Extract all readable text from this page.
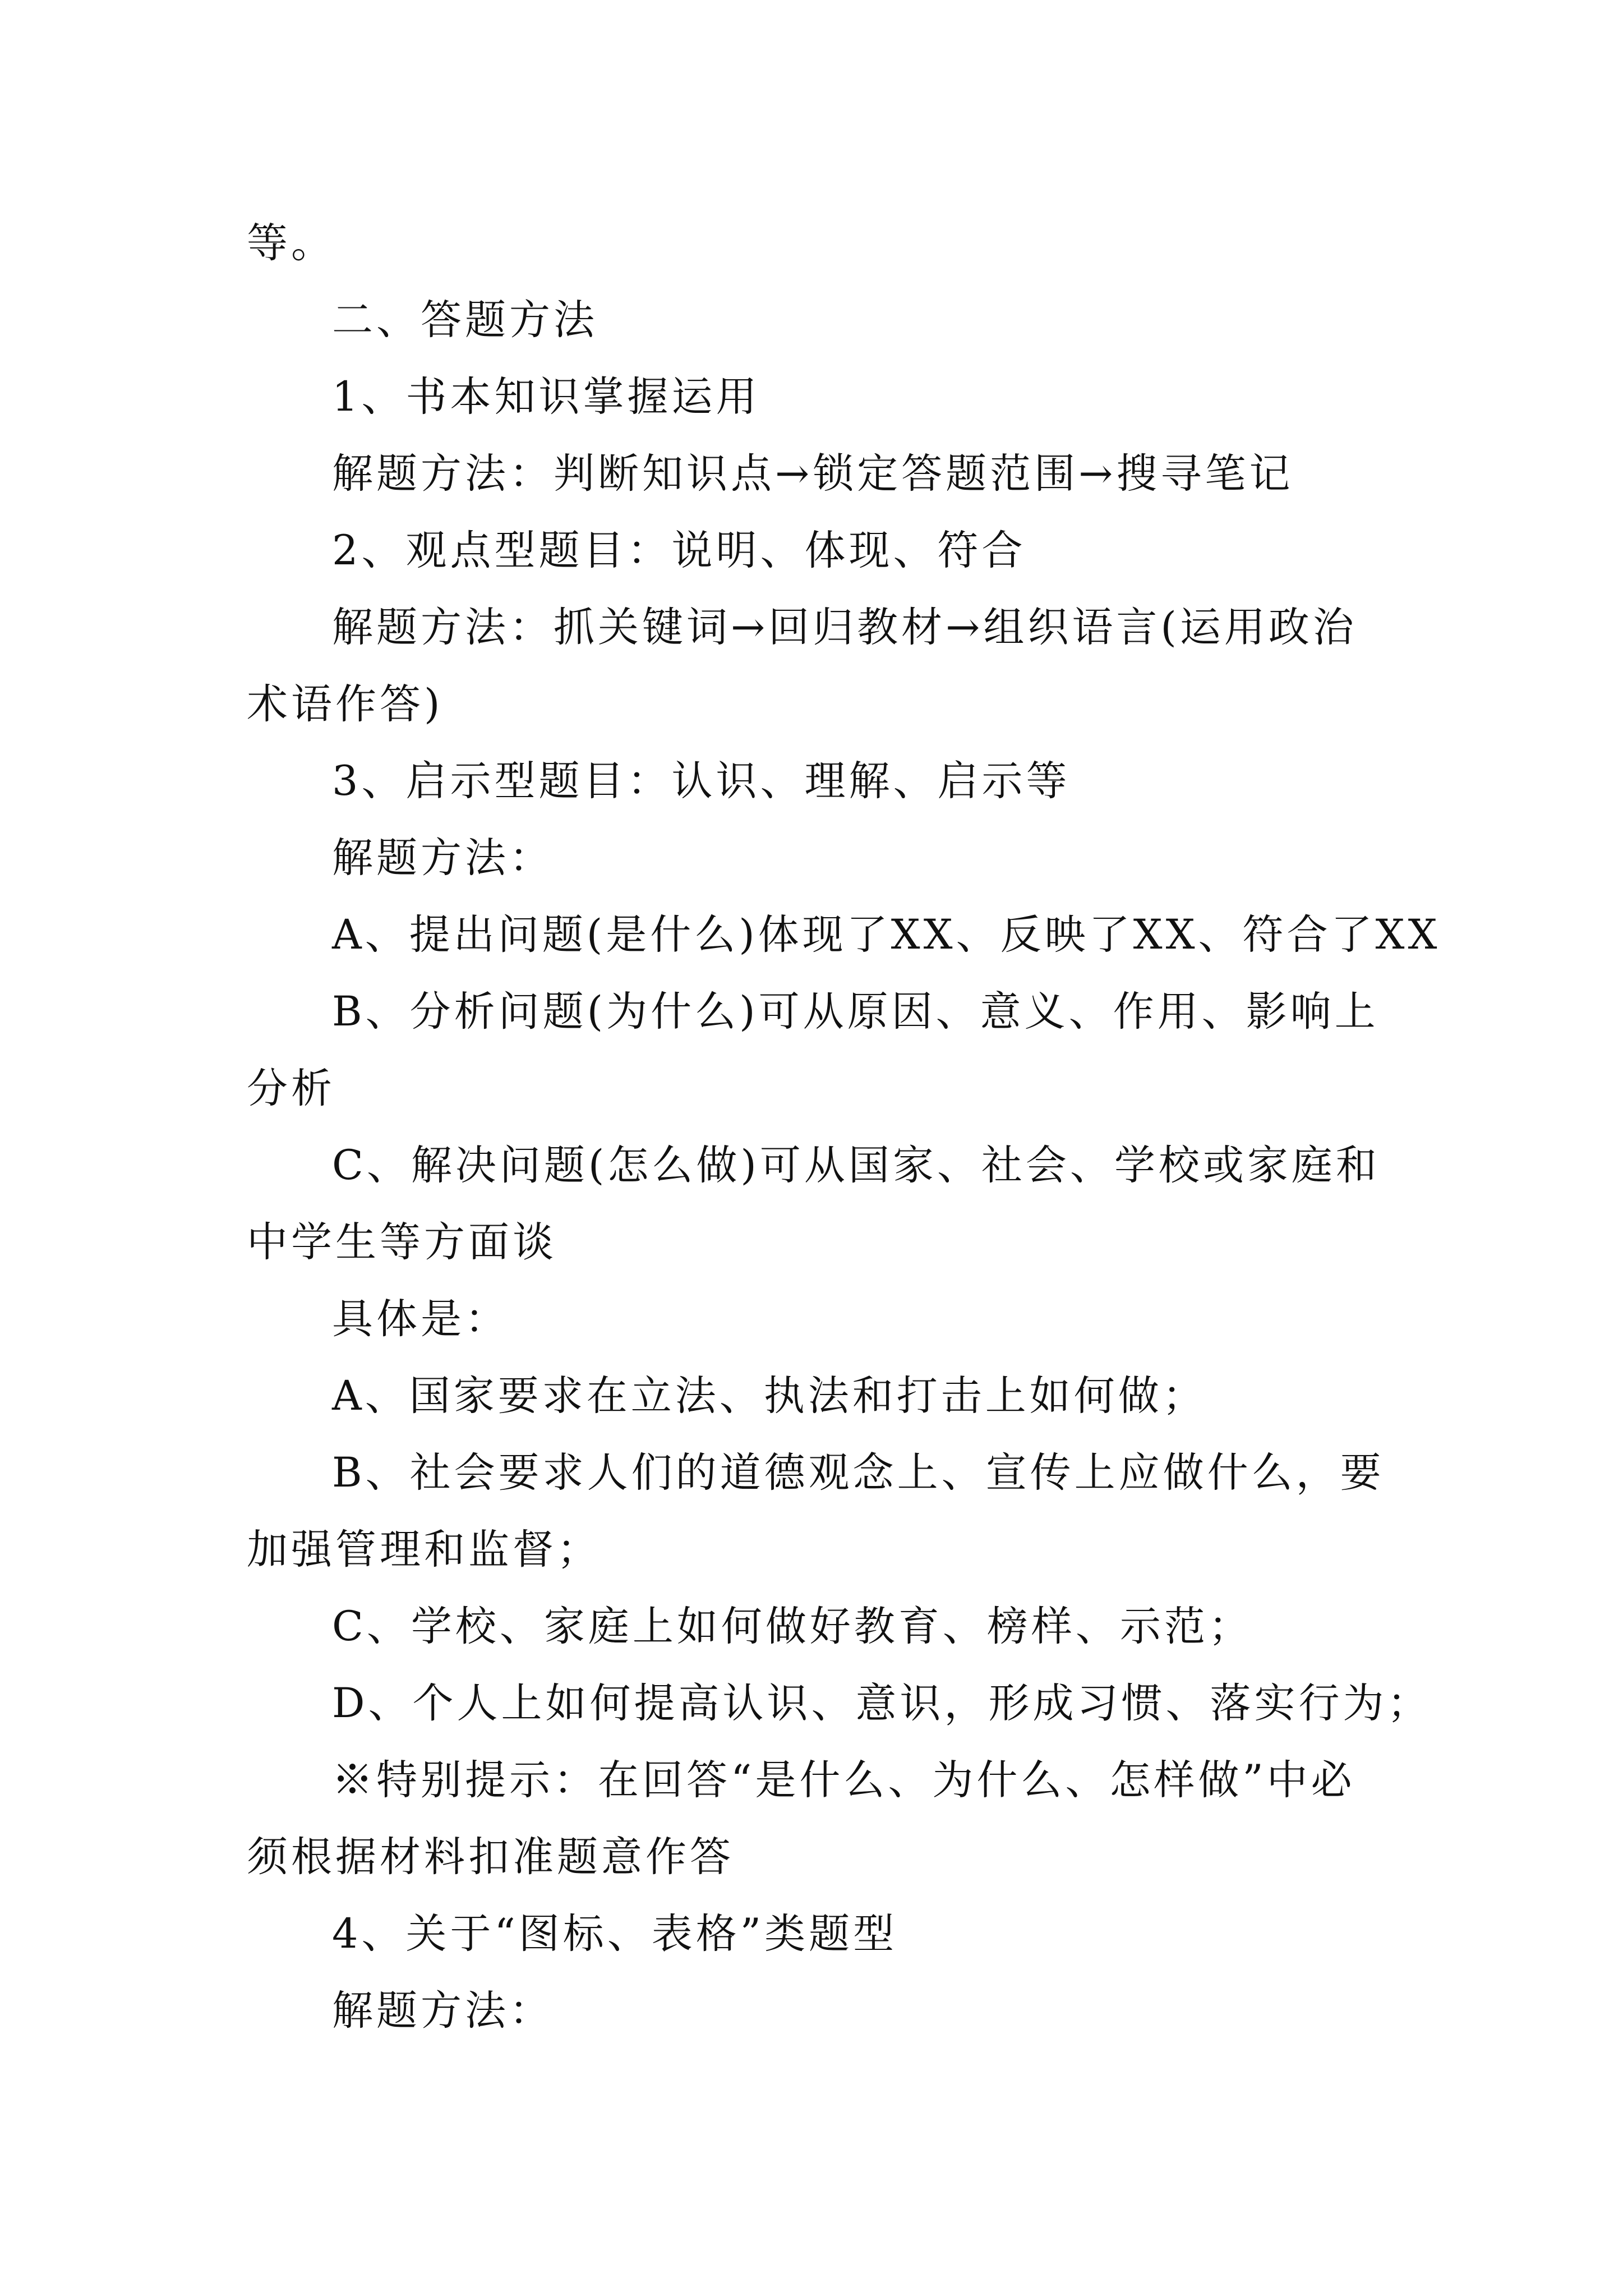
等。
二、答题方法
1、书本知识掌握运用
解题方法：判断知识点→锁定答题范围→搜寻笔记
2、观点型题目：说明、体现、符合
解题方法：抓关键词→回归教材→组织语言(运用政治
术语作答)
3、启示型题目：认识、理解、启示等
解题方法：
A、提出问题(是什么)体现了XX、反映了XX、符合了XX
B、分析问题(为什么)可从原因、意义、作用、影响上
分析
C、解决问题(怎么做)可从国家、社会、学校或家庭和
中学生等方面谈
具体是：
A、国家要求在立法、执法和打击上如何做；
B、社会要求人们的道德观念上、宣传上应做什么，要
加强管理和监督；
C、学校、家庭上如何做好教育、榜样、示范；
D、个人上如何提高认识、意识，形成习惯、落实行为；
※特别提示：在回答“是什么、为什么、怎样做”中必
须根据材料扣准题意作答
4、关于“图标、表格”类题型
解题方法：
